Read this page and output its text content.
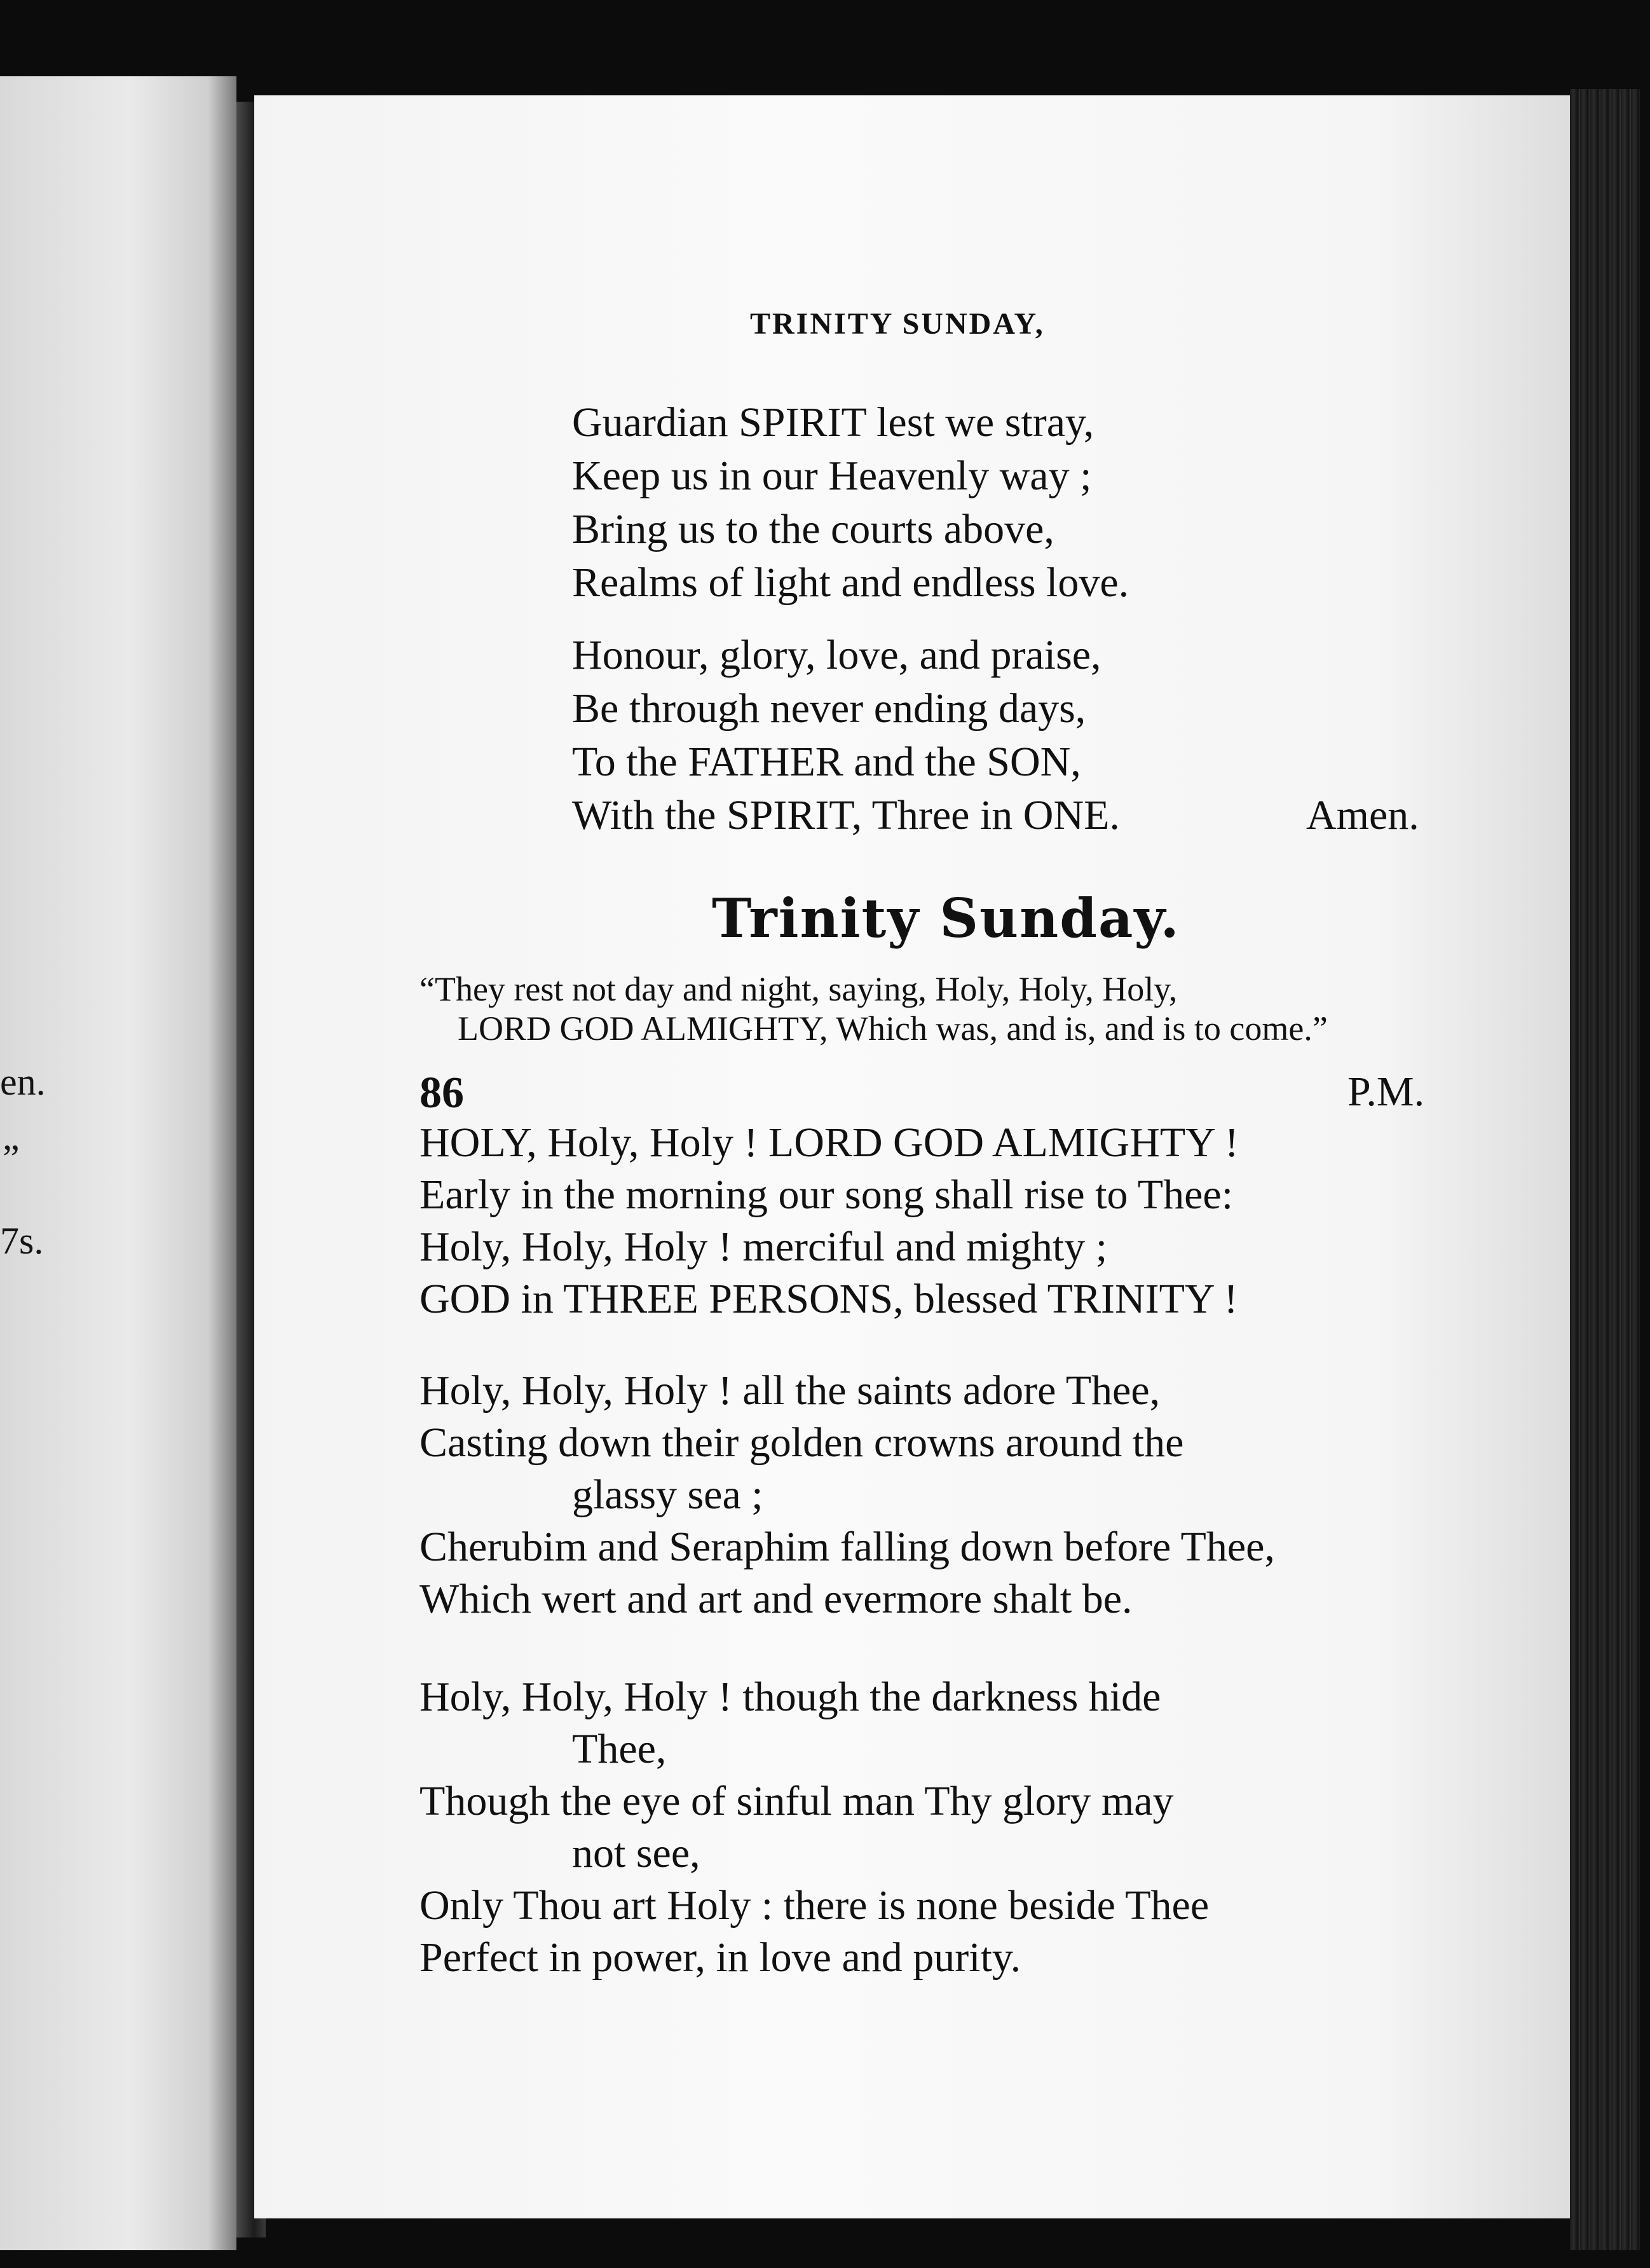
en.
”
7s.
TRINITY SUNDAY,
Guardian SPIRIT lest we stray,
Keep us in our Heavenly way ;
Bring us to the courts above,
Realms of light and endless love.
Honour, glory, love, and praise,
Be through never ending days,
To the FATHER and the SON,
With the SPIRIT, Three in ONE.	Amen.
Trinity Sunday.
“They rest not day and night, saying, Holy, Holy, Holy,
LORD GOD ALMIGHTY, Which was, and is, and is to come.”
86	P.M.
HOLY, Holy, Holy ! LORD GOD ALMIGHTY !
Early in the morning our song shall rise to Thee:
Holy, Holy, Holy ! merciful and mighty ;
GOD in THREE PERSONS, blessed TRINITY !
Holy, Holy, Holy ! all the saints adore Thee,
Casting down their golden crowns around the
glassy sea ;
Cherubim and Seraphim falling down before Thee,
Which wert and art and evermore shalt be.
Holy, Holy, Holy ! though the darkness hide
Thee,
Though the eye of sinful man Thy glory may
not see,
Only Thou art Holy : there is none beside Thee
Perfect in power, in love and purity.
